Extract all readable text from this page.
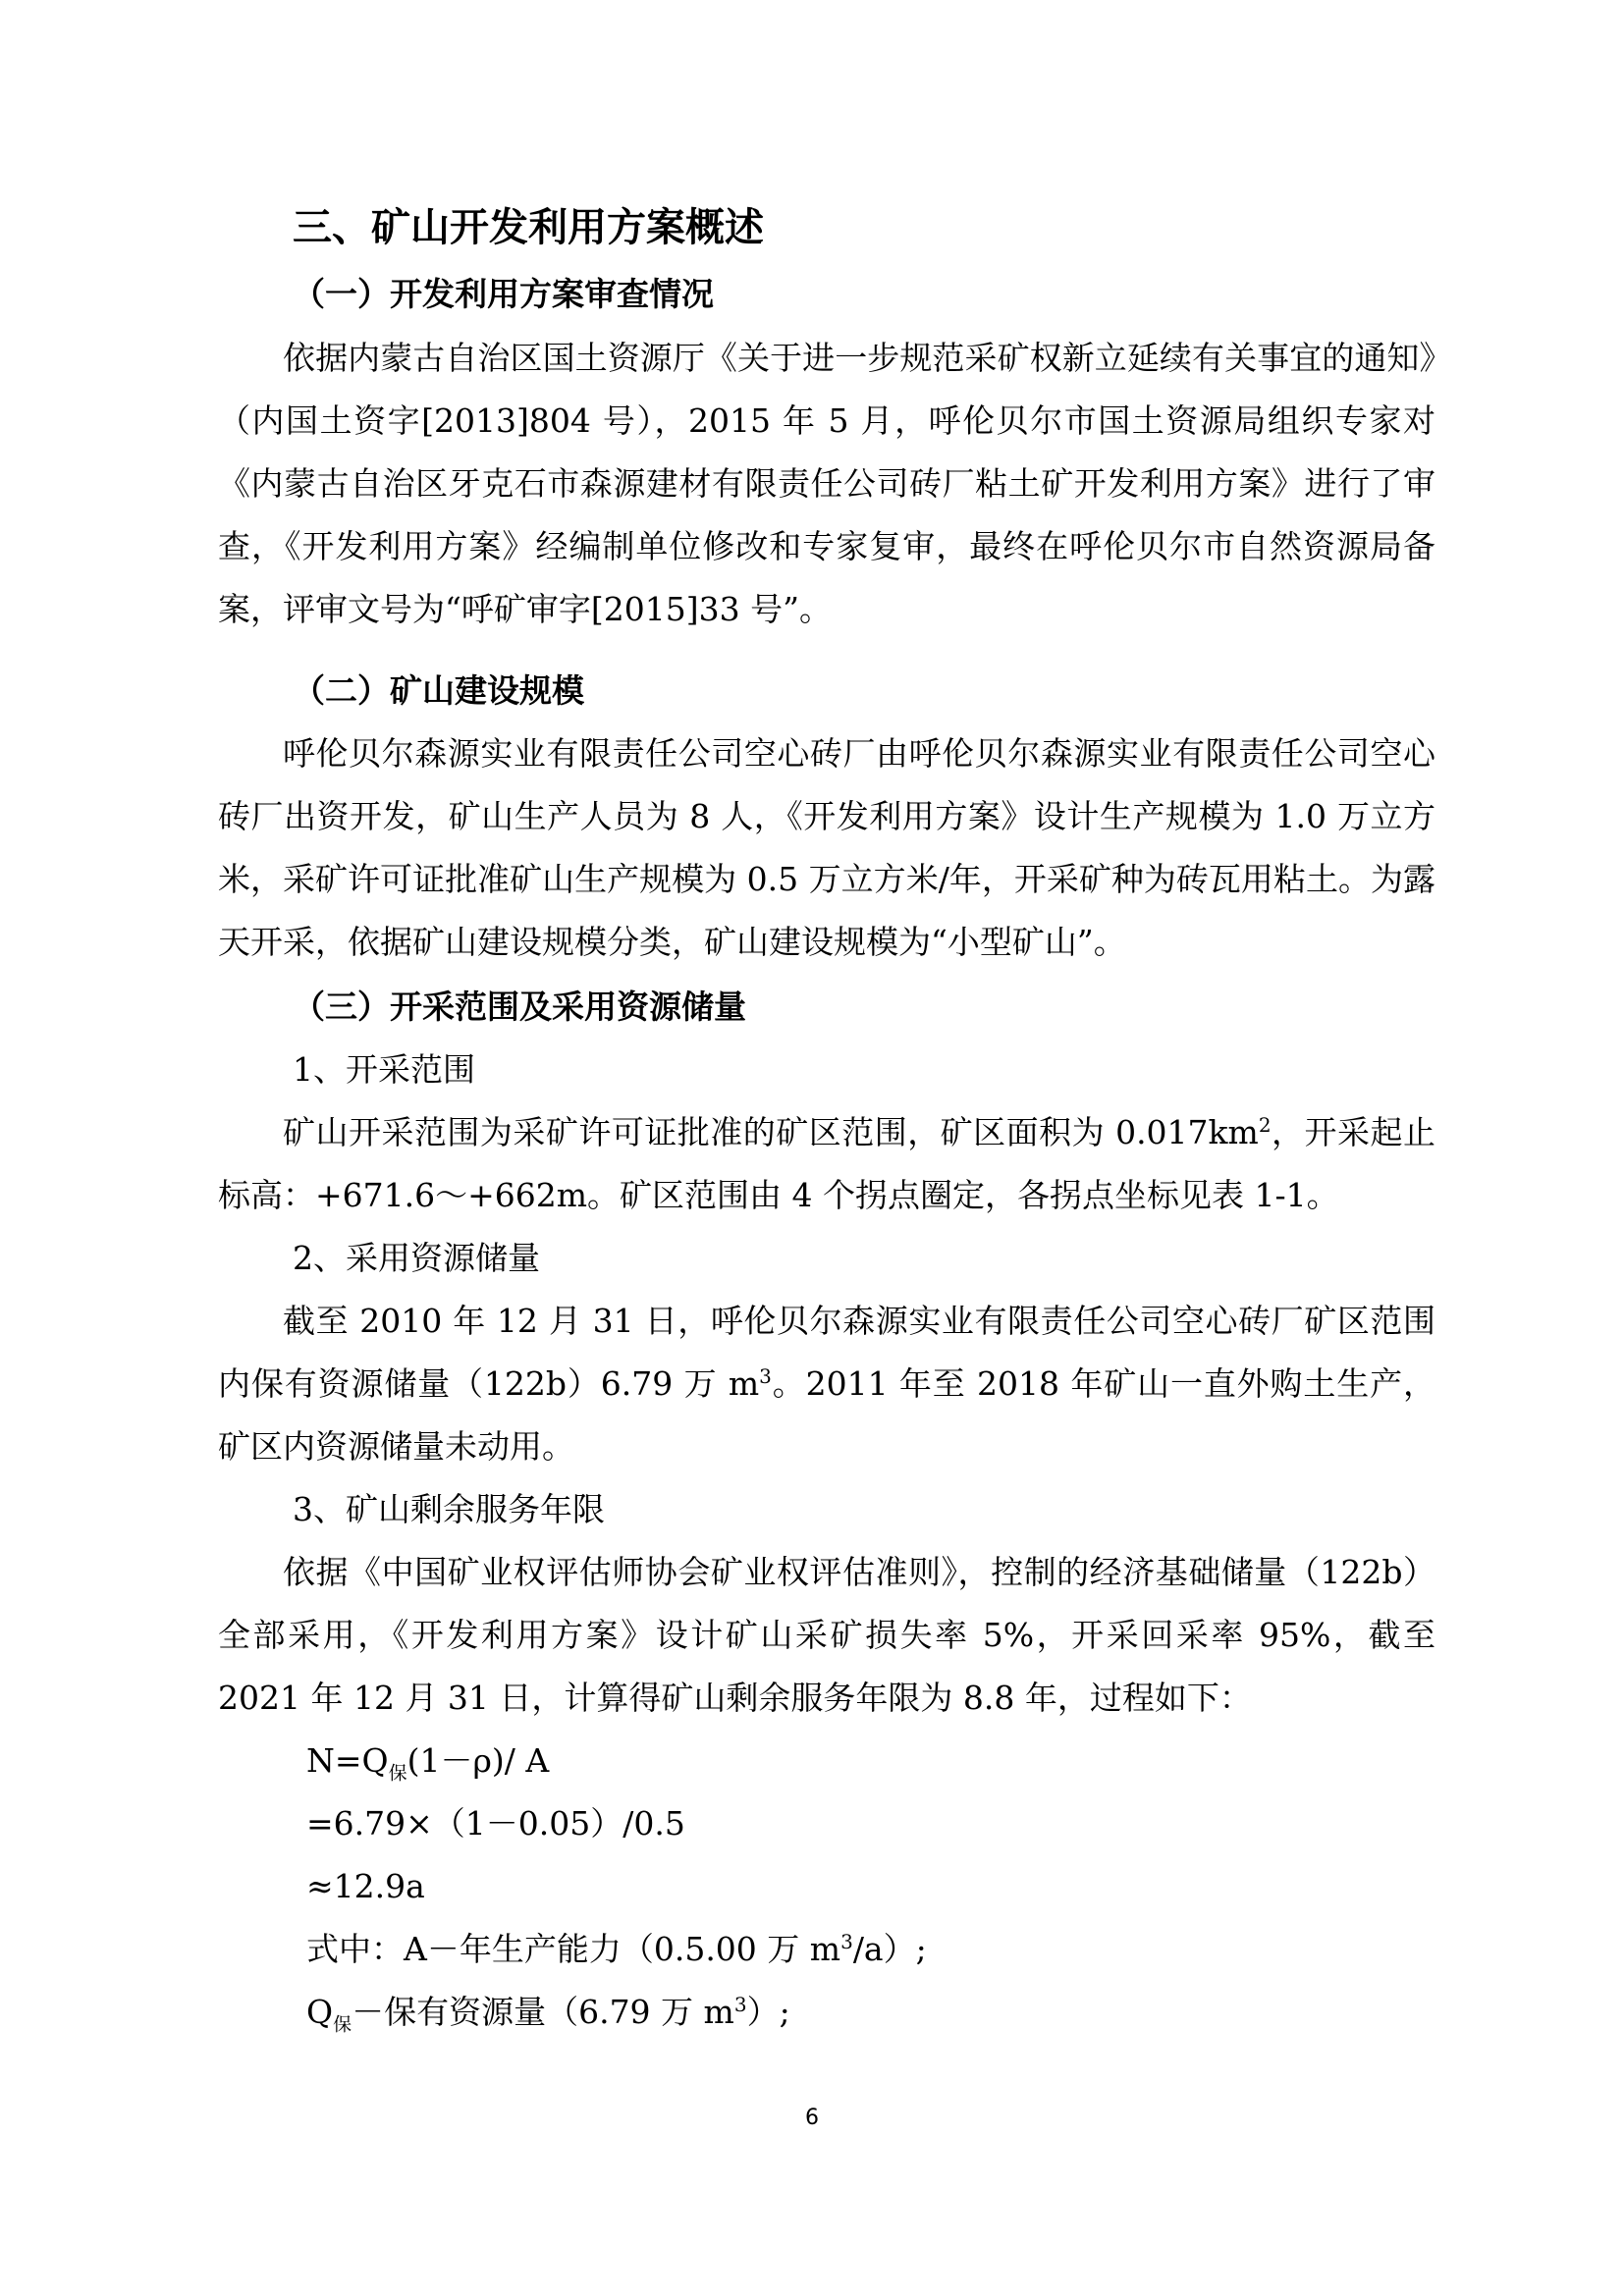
三、矿山开发利用方案概述
（一）开发利用方案审查情况

依据内蒙古自治区国土资源厅《关于进一步规范采矿权新立延续有关事宜的通知》（内国土资字[2013]804 号），2015 年 5 月，呼伦贝尔市国土资源局组织专家对《内蒙古自治区牙克石市森源建材有限责任公司砖厂粘土矿开发利用方案》进行了审查，《开发利用方案》经编制单位修改和专家复审，最终在呼伦贝尔市自然资源局备案，评审文号为“呼矿审字[2015]33 号”。

（二）矿山建设规模

呼伦贝尔森源实业有限责任公司空心砖厂由呼伦贝尔森源实业有限责任公司空心砖厂出资开发，矿山生产人员为 8 人，《开发利用方案》设计生产规模为 1.0 万立方米，采矿许可证批准矿山生产规模为 0.5 万立方米/年，开采矿种为砖瓦用粘土。为露天开采，依据矿山建设规模分类，矿山建设规模为“小型矿山”。

（三）开采范围及采用资源储量
1、开采范围

矿山开采范围为采矿许可证批准的矿区范围，矿区面积为 $0.017km^2$，开采起止标高：+671.6～+662m。矿区范围由 4 个拐点圈定，各拐点坐标见表 1-1。

2、采用资源储量

截至 2010 年 12 月 31 日，呼伦贝尔森源实业有限责任公司空心砖厂矿区范围内保有资源储量（122b）6.79 万 $m^3$。2011 年至 2018 年矿山一直外购土生产，矿区内资源储量未动用。

3、矿山剩余服务年限

依据《中国矿业权评估师协会矿业权评估准则》，控制的经济基础储量（122b）全部采用，《开发利用方案》设计矿山采矿损失率 5%，开采回采率 95%，截至 2021 年 12 月 31 日，计算得矿山剩余服务年限为 8.8 年，过程如下：

$N=Q_保(1-\rho)/$ A
=6.79×（1－0.05）/0.5
≈12.9a
式中：A－年生产能力（0.5.00 万 $m^3/a$）;
$Q_保-$保有资源量（6.79 万 $m^3$）;
6
